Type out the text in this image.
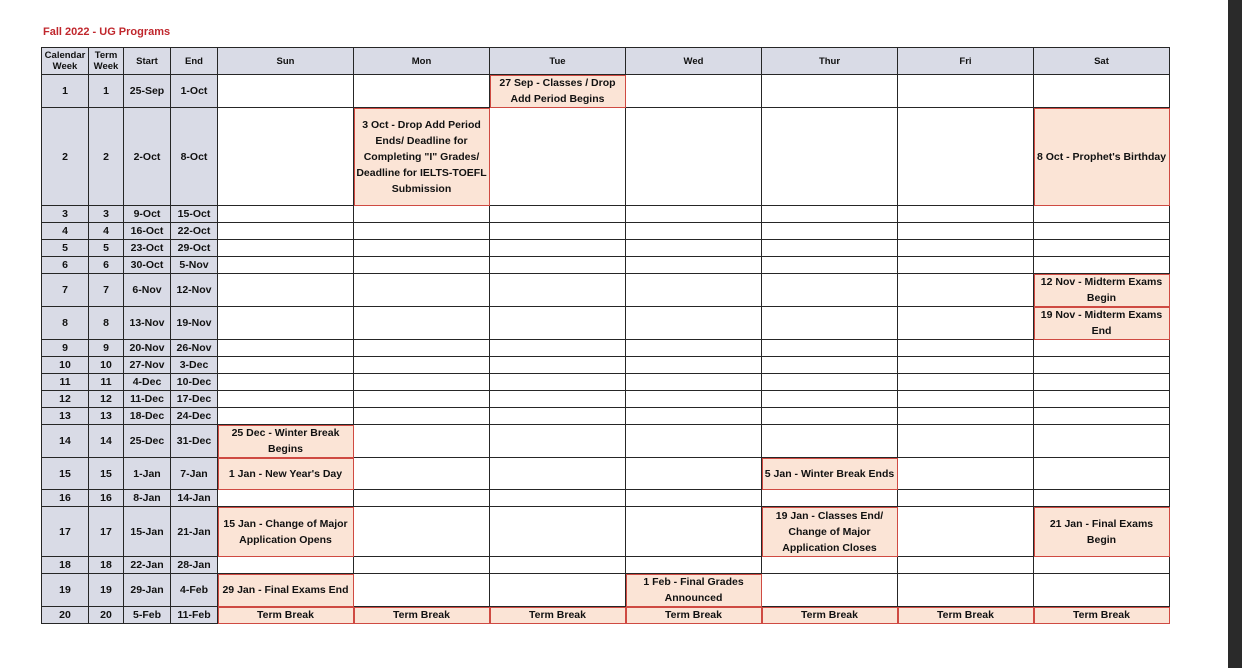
Fall 2022 - UG Programs
Calendar Week	Term Week	Start	End	Sun	Mon	Tue	Wed	Thur	Fri	Sat
1	1	25-Sep	1-Oct			27 Sep - Classes / Drop Add Period Begins				
2	2	2-Oct	8-Oct		3 Oct - Drop Add Period Ends/ Deadline for Completing "I" Grades/ Deadline for IELTS-TOEFL Submission					8 Oct - Prophet's Birthday
3	3	9-Oct	15-Oct							
4	4	16-Oct	22-Oct							
5	5	23-Oct	29-Oct							
6	6	30-Oct	5-Nov							
7	7	6-Nov	12-Nov							12 Nov - Midterm Exams Begin
8	8	13-Nov	19-Nov							19 Nov - Midterm Exams End
9	9	20-Nov	26-Nov							
10	10	27-Nov	3-Dec							
11	11	4-Dec	10-Dec							
12	12	11-Dec	17-Dec							
13	13	18-Dec	24-Dec							
14	14	25-Dec	31-Dec	25 Dec - Winter Break Begins						
15	15	1-Jan	7-Jan	1 Jan - New Year's Day				5 Jan - Winter Break Ends		
16	16	8-Jan	14-Jan							
17	17	15-Jan	21-Jan	15 Jan - Change of Major Application Opens				19 Jan - Classes End/ Change of Major Application Closes		21 Jan - Final Exams Begin
18	18	22-Jan	28-Jan							
19	19	29-Jan	4-Feb	29 Jan - Final Exams End			1 Feb - Final Grades Announced			
20	20	5-Feb	11-Feb	Term Break	Term Break	Term Break	Term Break	Term Break	Term Break	Term Break
